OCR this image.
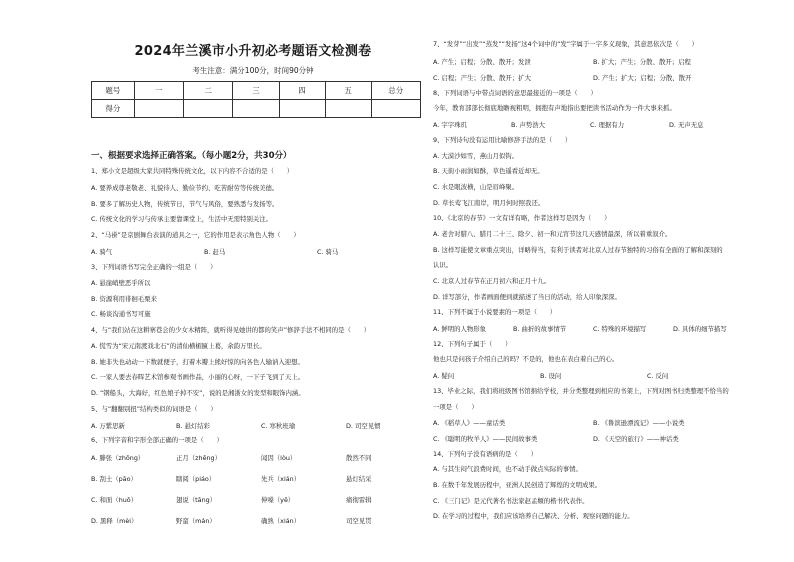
2024年兰溪市小升初必考题语文检测卷
考生注意：满分100分，时间90分钟
题号	一	二	三	四	五	总分
得分						
一、根据要求选择正确答案。（每小题2分，共30分）
1、郑小文是超级大家共同特殊传统文化，以下内容不合适的是（　　）
A. 要养成尊老敬老、礼貌待人、勤俭节约、吃苦耐劳等传统美德。
B. 要多了解历史人物，传统节日，节气与风俗，要熟悉与发扬等。
C. 传统文化的学习与传承主要靠课堂上，生活中无需特别关注。
2、“马褂”是京剧舞台表演的道具之一，它的作用是表示角色人物（　　）
A. 骑气	B. 赶马	C. 骑马
3、下列词语书写完全正确的一组是（　　）
A. 悬崖峭壁恶乎所以
B. 资源利用徘徊毛栗来
C. 畅谈沟通书写可施
4、与“我们站在这耕寨巷会的少女木精阵，就听得见她讲的都的笑声”修辞手法不相同的是（　　）
A. 慌雪为“宋元南渡戏北石”的清仙横楣匾上葛，余韵万里长。
B. 她非失也动动一下数就便子，打着木瓣上熊好惊的向各色人输讷入迎想。
C. 一家人要去春晖艺术馆参观书画作品，小丽的心呀，一下子飞到了天上。
D. “钢船头，大海好，红色娘子掉不安”，说的是湘浙女的发型和眼饰内涵。
5、与“翻翻别扭”结构类似的词语是（　　）
A. 万紫思新	B. 悬灯结彩	C. 寒秋班瑜	D. 司空见惯
6、下列字音和字形全部正确的一项是（　　）
A. 滕张（zhōng）	正月（zhēng）	闻因（lòu）	散然不同
B. 刮土（pāo）	瞎阅（piáo）	先兵（xián）	悬灯结采
C. 和面（huō）	翅说（tāng）	伸嗓（yē）	痛彻雷辑
D. 黑释（mèi）	野蛮（mán）	确熟（xián）	司空见贯
7、“发芽”“出发”“蒸发”“发扬”这4个词中的“发”字属于一字多义现象，其意思依次是（　　）
A. 产生；启程；分散、散开；发泄	B. 扩大；产生；分散、散开；启程
C. 启程；产生；分散、散开；扩大	D. 产生；扩大；启程；分散、散开
8、下列词语与中带点词语的意思最接近的一项是（　　）
今年，教育部部长彻底地瞻视粗明，拥抱有声地指出要把读书活动作为一件大事来抓。
A. 字字珠玑	B. 声势浩大	C. 理据有力	D. 无声无息
9、下列诗句没有运用比喻修辞手法的是（　　）
A. 大漠沙如雪，燕山月似钩。
B. 天街小雨润如酥，草色遥看近却无。
C. 水是眼波横，山是眉峰聚。
D. 草长莺飞江南岸，明月何时照我还。
10、《北京的春节》一文有详有略，作者这样写是因为（　　）
A. 老舍对腊八、腊月二十三、除夕、初一和元宵节这几天感情最深，所以着重叙介。
B. 这样写能使文章重点突出，详略得当，有利于读者对北京人过春节独特的习俗有全面的了解和深刻的
认识。
C. 北京人过春节在正月初六和正月十九。
D. 详写部分，作者画面便到就描述了当日的活动，给人印象深深。
11、下列不属于小说要素的一项是（　　）
A. 鲜明的人物形象	B. 曲折的故事情节	C. 特殊的环境描写	D. 具体的细节描写
12、下列句子属于（　　）
他也只是问孩子介绍自己的吗？不是的，他也在表白着自己的心。
A. 疑问	B. 设问	C. 反问
13、毕业之际，我们将班级图书馆捐给学校，并分类整理到相应的书架上，下列对图书归类整理不恰当的
一项是（　　）
A. 《稻草人》——童话类	B. 《鲁滨逊漂流记》——小说类
C. 《聪明的牧羊人》——民间故事类	D. 《天空的旅行》——神话类
14、下列句子没有语病的是（　　）
A. 与其生闷气浪费时间，也不动手做点实际的事情。
B. 在数千年发展历程中，亚洲人民创造了辉煌的文明成果。
C. 《三门记》是元代著名书法家赵孟頫的楷书代表作。
D. 在学习的过程中，我们应该培养自己解决、分析、观察问题的能力。
